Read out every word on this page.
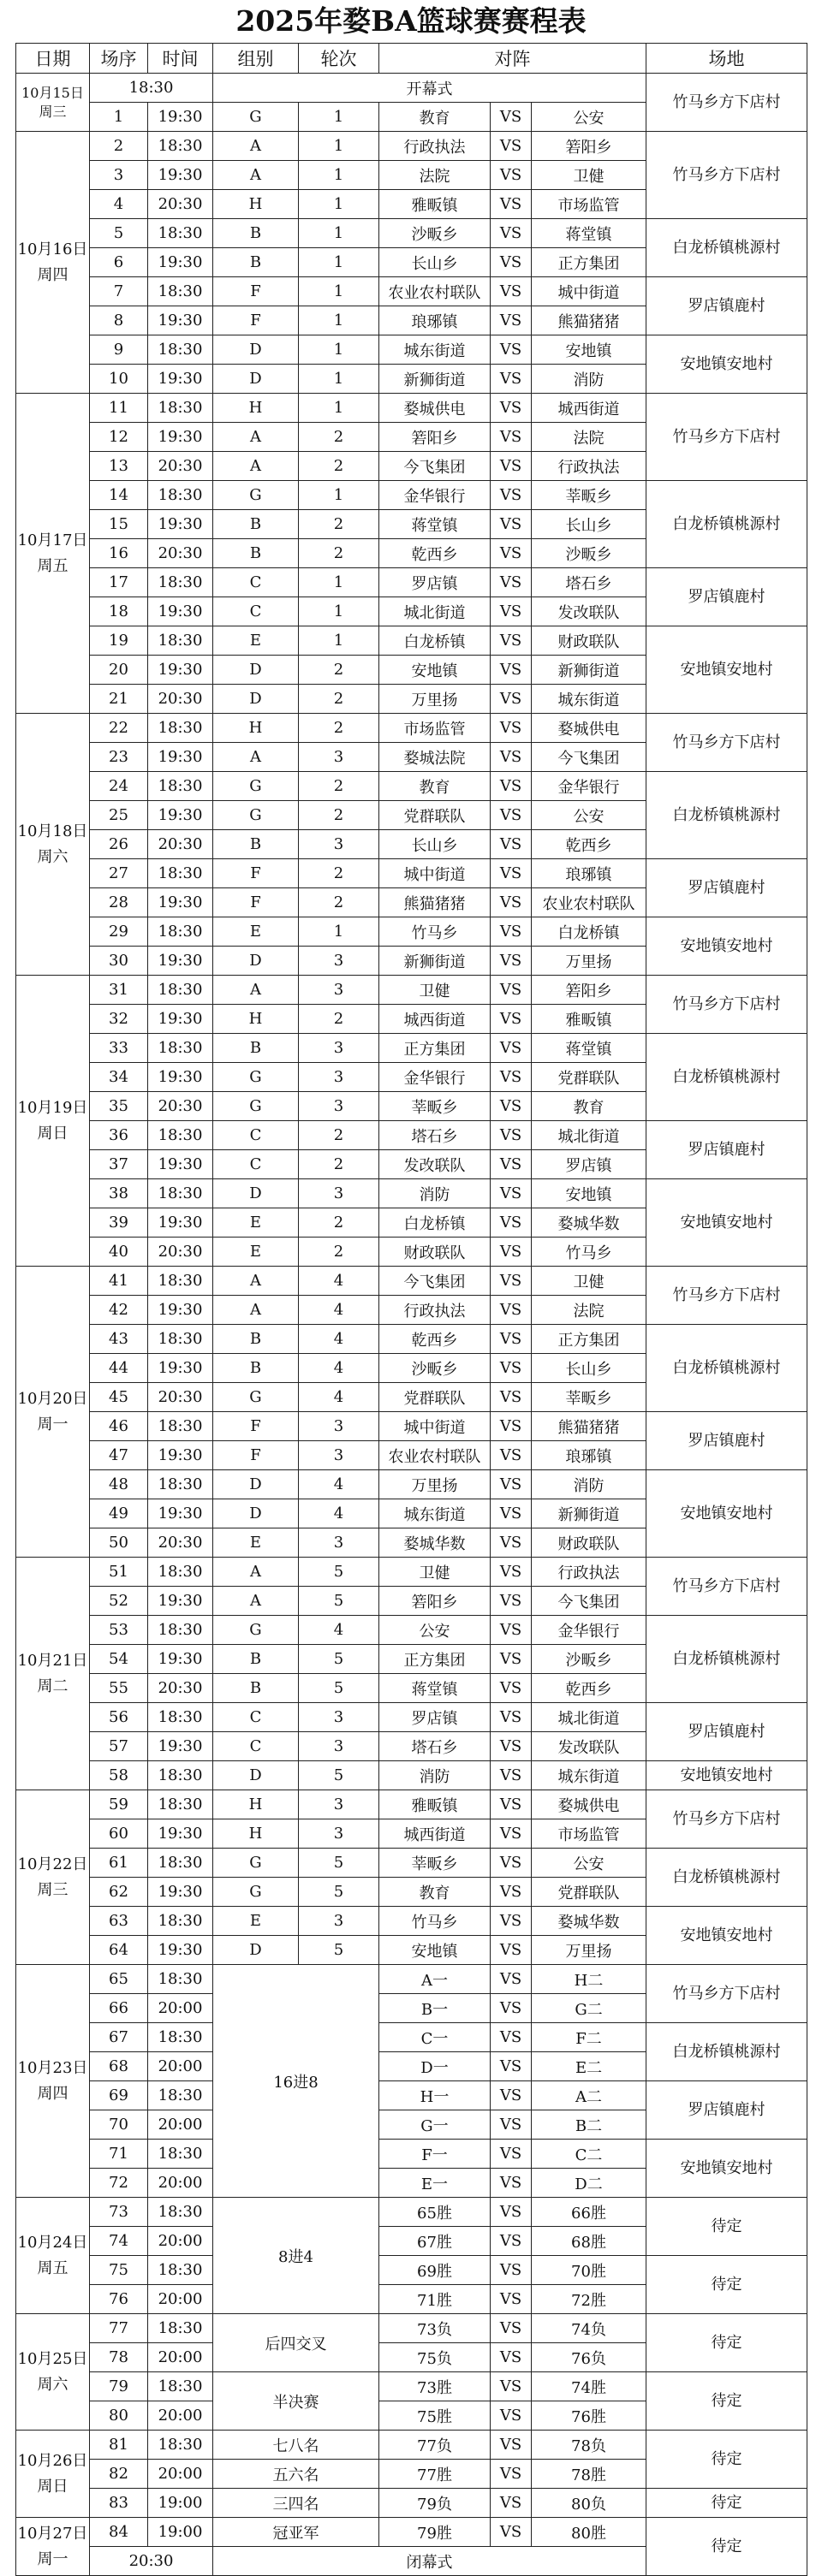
2025年婺BA篮球赛赛程表
日期	场序	时间	组别	轮次	对阵			场地

10月15日
周三	18:30		开幕式					竹马乡方下店村
	1	19:30	G	1	教育	VS	公安	

10月16日
周四	2	18:30	A	1	行政执法	VS	箬阳乡	竹马乡方下店村
	3	19:30	A	1	法院	VS	卫健	
	4	20:30	H	1	雅畈镇	VS	市场监管	
	5	18:30	B	1	沙畈乡	VS	蒋堂镇	白龙桥镇桃源村
	6	19:30	B	1	长山乡	VS	正方集团	
	7	18:30	F	1	农业农村联队	VS	城中街道	罗店镇鹿村
	8	19:30	F	1	琅琊镇	VS	熊猫猪猪	
	9	18:30	D	1	城东街道	VS	安地镇	安地镇安地村
	10	19:30	D	1	新狮街道	VS	消防	

10月17日
周五	11	18:30	H	1	婺城供电	VS	城西街道	竹马乡方下店村
	12	19:30	A	2	箬阳乡	VS	法院	
	13	20:30	A	2	今飞集团	VS	行政执法	
	14	18:30	G	1	金华银行	VS	莘畈乡	白龙桥镇桃源村
	15	19:30	B	2	蒋堂镇	VS	长山乡	
	16	20:30	B	2	乾西乡	VS	沙畈乡	
	17	18:30	C	1	罗店镇	VS	塔石乡	罗店镇鹿村
	18	19:30	C	1	城北街道	VS	发改联队	
	19	18:30	E	1	白龙桥镇	VS	财政联队	安地镇安地村
	20	19:30	D	2	安地镇	VS	新狮街道	
	21	20:30	D	2	万里扬	VS	城东街道	

10月18日
周六	22	18:30	H	2	市场监管	VS	婺城供电	竹马乡方下店村
	23	19:30	A	3	婺城法院	VS	今飞集团	
	24	18:30	G	2	教育	VS	金华银行	白龙桥镇桃源村
	25	19:30	G	2	党群联队	VS	公安	
	26	20:30	B	3	长山乡	VS	乾西乡	
	27	18:30	F	2	城中街道	VS	琅琊镇	罗店镇鹿村
	28	19:30	F	2	熊猫猪猪	VS	农业农村联队	
	29	18:30	E	1	竹马乡	VS	白龙桥镇	安地镇安地村
	30	19:30	D	3	新狮街道	VS	万里扬	

10月19日
周日	31	18:30	A	3	卫健	VS	箬阳乡	竹马乡方下店村
	32	19:30	H	2	城西街道	VS	雅畈镇	
	33	18:30	B	3	正方集团	VS	蒋堂镇	白龙桥镇桃源村
	34	19:30	G	3	金华银行	VS	党群联队	
	35	20:30	G	3	莘畈乡	VS	教育	
	36	18:30	C	2	塔石乡	VS	城北街道	罗店镇鹿村
	37	19:30	C	2	发改联队	VS	罗店镇	
	38	18:30	D	3	消防	VS	安地镇	安地镇安地村
	39	19:30	E	2	白龙桥镇	VS	婺城华数	
	40	20:30	E	2	财政联队	VS	竹马乡	

10月20日
周一	41	18:30	A	4	今飞集团	VS	卫健	竹马乡方下店村
	42	19:30	A	4	行政执法	VS	法院	
	43	18:30	B	4	乾西乡	VS	正方集团	白龙桥镇桃源村
	44	19:30	B	4	沙畈乡	VS	长山乡	
	45	20:30	G	4	党群联队	VS	莘畈乡	
	46	18:30	F	3	城中街道	VS	熊猫猪猪	罗店镇鹿村
	47	19:30	F	3	农业农村联队	VS	琅琊镇	
	48	18:30	D	4	万里扬	VS	消防	安地镇安地村
	49	19:30	D	4	城东街道	VS	新狮街道	
	50	20:30	E	3	婺城华数	VS	财政联队	

10月21日
周二	51	18:30	A	5	卫健	VS	行政执法	竹马乡方下店村
	52	19:30	A	5	箬阳乡	VS	今飞集团	
	53	18:30	G	4	公安	VS	金华银行	白龙桥镇桃源村
	54	19:30	B	5	正方集团	VS	沙畈乡	
	55	20:30	B	5	蒋堂镇	VS	乾西乡	
	56	18:30	C	3	罗店镇	VS	城北街道	罗店镇鹿村
	57	19:30	C	3	塔石乡	VS	发改联队	
	58	18:30	D	5	消防	VS	城东街道	安地镇安地村

10月22日
周三	59	18:30	H	3	雅畈镇	VS	婺城供电	竹马乡方下店村
	60	19:30	H	3	城西街道	VS	市场监管	
	61	18:30	G	5	莘畈乡	VS	公安	白龙桥镇桃源村
	62	19:30	G	5	教育	VS	党群联队	
	63	18:30	E	3	竹马乡	VS	婺城华数	安地镇安地村
	64	19:30	D	5	安地镇	VS	万里扬	

10月23日
周四	65	18:30	16进8		A一	VS	H二	竹马乡方下店村
	66	20:00			B一	VS	G二	
	67	18:30			C一	VS	F二	白龙桥镇桃源村
	68	20:00			D一	VS	E二	
	69	18:30			H一	VS	A二	罗店镇鹿村
	70	20:00			G一	VS	B二	
	71	18:30			F一	VS	C二	安地镇安地村
	72	20:00			E一	VS	D二	

10月24日
周五	73	18:30	8进4		65胜	VS	66胜	待定
	74	20:00			67胜	VS	68胜	
	75	18:30			69胜	VS	70胜	待定
	76	20:00			71胜	VS	72胜	

10月25日
周六	77	18:30	后四交叉		73负	VS	74负	待定
	78	20:00			75负	VS	76负	
	79	18:30	半决赛		73胜	VS	74胜	待定
	80	20:00			75胜	VS	76胜	

10月26日
周日	81	18:30	七八名		77负	VS	78负	待定
	82	20:00	五六名		77胜	VS	78胜	
	83	19:00	三四名		79负	VS	80负	待定

10月27日
周一	84	19:00	冠亚军		79胜	VS	80胜	待定
	20:30		闭幕式					
